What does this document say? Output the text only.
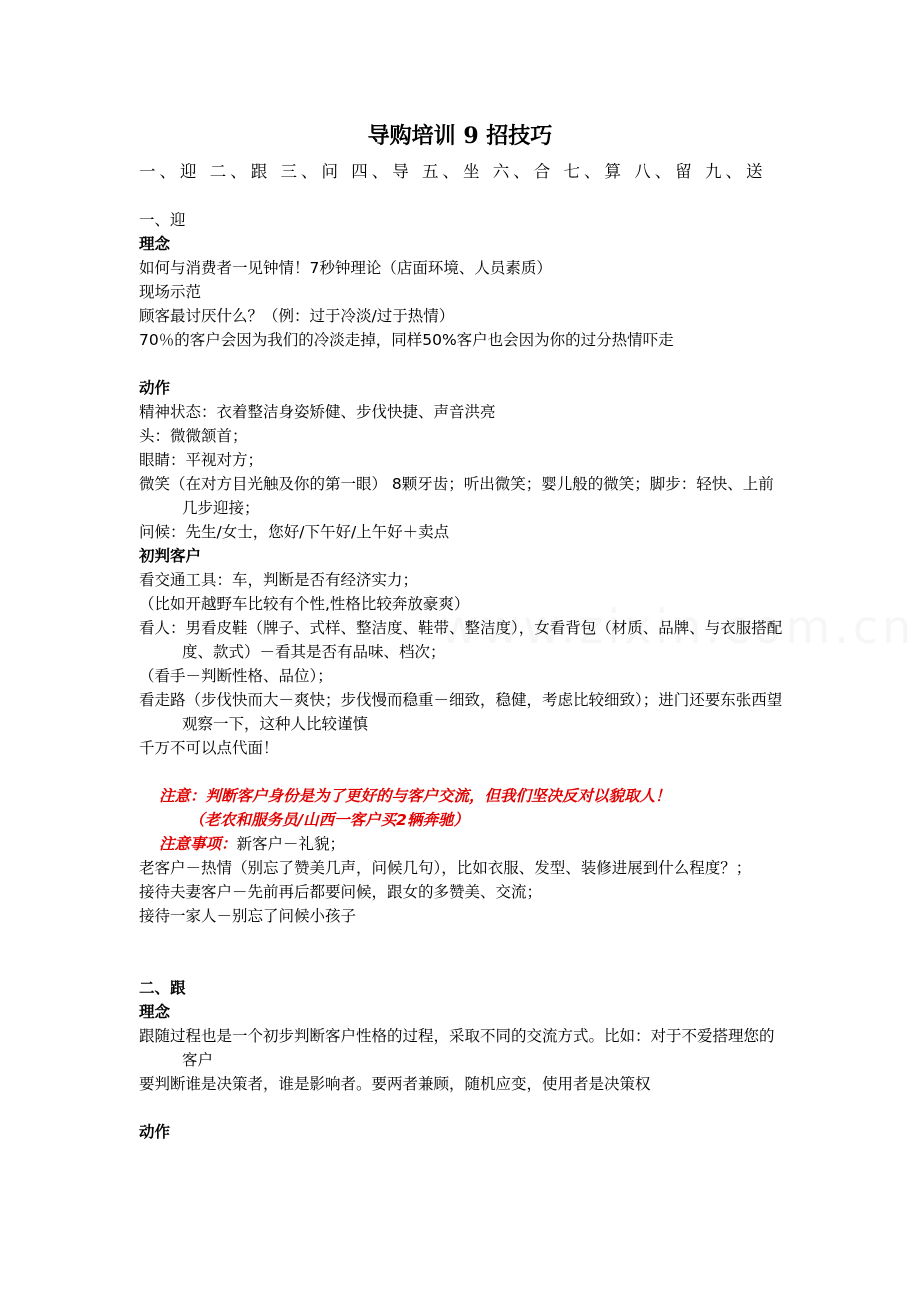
导购培训 9 招技巧
一、迎 二、跟 三、问 四、导 五、坐 六、合 七、算 八、留 九、送
一、迎
理念
如何与消费者一见钟情！7秒钟理论（店面环境、人员素质）
现场示范
顾客最讨厌什么？（例：过于冷淡/过于热情）
70％的客户会因为我们的冷淡走掉，同样50%客户也会因为你的过分热情吓走
动作
精神状态：衣着整洁身姿矫健、步伐快捷、声音洪亮
头：微微颔首；
眼睛：平视对方；
微笑（在对方目光触及你的第一眼） 8颗牙齿；听出微笑；婴儿般的微笑；脚步：轻快、上前几步迎接；
问候：先生/女士，您好/下午好/上午好＋卖点
初判客户
看交通工具：车，判断是否有经济实力；
（比如开越野车比较有个性,性格比较奔放豪爽）
看人：男看皮鞋（牌子、式样、整洁度、鞋带、整洁度），女看背包（材质、品牌、与衣服搭配度、款式）－看其是否有品味、档次；
（看手－判断性格、品位）；
看走路（步伐快而大－爽快；步伐慢而稳重－细致，稳健，考虑比较细致）；进门还要东张西望观察一下，这种人比较谨慎
千万不可以点代面！
注意：判断客户身份是为了更好的与客户交流，但我们坚决反对以貌取人！
（老农和服务员/山西一客户买2辆奔驰）
注意事项：新客户－礼貌；
老客户－热情（别忘了赞美几声，问候几句），比如衣服、发型、装修进展到什么程度？；
接待夫妻客户－先前再后都要问候，跟女的多赞美、交流；
接待一家人－别忘了问候小孩子
二、跟
理念
跟随过程也是一个初步判断客户性格的过程，采取不同的交流方式。比如：对于不爱搭理您的客户
要判断谁是决策者，谁是影响者。要两者兼顾，随机应变，使用者是决策权
动作
